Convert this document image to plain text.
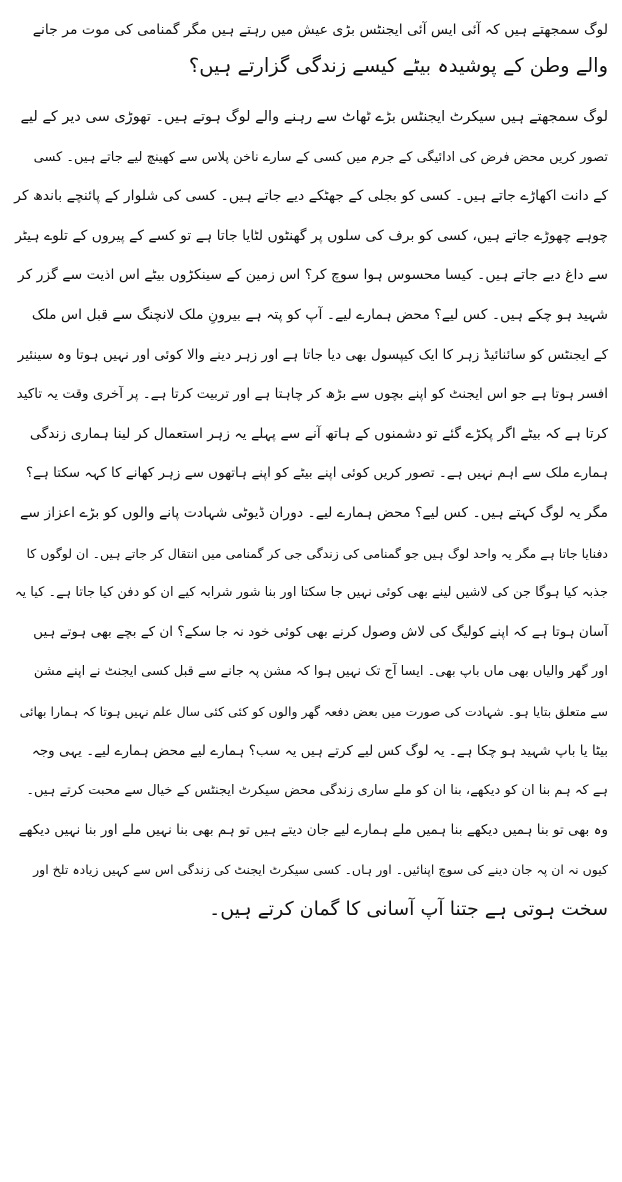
لوگ سمجھتے ہیں کہ آئی ایس آئی ایجنٹس بڑی عیش میں رہتے ہیں مگر گمنامی کی موت مر جانے
والے وطن کے پوشیدہ بیٹے کیسے زندگی گزارتے ہیں؟
لوگ سمجھتے ہیں سیکرٹ ایجنٹس بڑے ٹھاٹ سے رہنے والے لوگ ہوتے ہیں۔ تھوڑی سی دیر کے لیے
تصور کریں محض فرض کی ادائیگی کے جرم میں کسی کے سارے ناخن پلاس سے کھینچ لیے جاتے ہیں۔ کسی
کے دانت اکھاڑے جاتے ہیں۔ کسی کو بجلی کے جھٹکے دیے جاتے ہیں۔ کسی کی شلوار کے پائنچے باندھ کر
چوہے چھوڑے جاتے ہیں، کسی کو برف کی سلوں پر گھنٹوں لٹایا جاتا ہے تو کسے کے پیروں کے تلوے ہیٹر
سے داغ دیے جاتے ہیں۔ کیسا محسوس ہوا سوچ کر؟ اس زمین کے سینکڑوں بیٹے اس اذیت سے گزر کر
شہید ہو چکے ہیں۔ کس لیے؟ محض ہمارے لیے۔ آپ کو پتہ ہے بیرونِ ملک لانچنگ سے قبل اس ملک
کے ایجنٹس کو سائنائیڈ زہر کا ایک کیپسول بھی دیا جاتا ہے اور زہر دینے والا کوئی اور نہیں ہوتا وہ سینئیر
افسر ہوتا ہے جو اس ایجنٹ کو اپنے بچوں سے بڑھ کر چاہتا ہے اور تربیت کرتا ہے۔ پر آخری وقت یہ تاکید
کرتا ہے کہ بیٹے اگر پکڑے گئے تو دشمنوں کے ہاتھ آنے سے پہلے یہ زہر استعمال کر لینا ہماری زندگی
ہمارے ملک سے اہم نہیں ہے۔ تصور کریں کوئی اپنے بیٹے کو اپنے ہاتھوں سے زہر کھانے کا کہہ سکتا ہے؟
مگر یہ لوگ کہتے ہیں۔ کس لیے؟ محض ہمارے لیے۔ دوران ڈیوٹی شہادت پانے والوں کو بڑے اعزاز سے
دفنایا جاتا ہے مگر یہ واحد لوگ ہیں جو گمنامی کی زندگی جی کر گمنامی میں انتقال کر جاتے ہیں۔ ان لوگوں کا
جذبہ کیا ہوگا جن کی لاشیں لینے بھی کوئی نہیں جا سکتا اور بنا شور شرابہ کیے ان کو دفن کیا جاتا ہے۔ کیا یہ
آسان ہوتا ہے کہ اپنے کولیگ کی لاش وصول کرنے بھی کوئی خود نہ جا سکے؟ ان کے بچے بھی ہوتے ہیں
اور گھر والیاں بھی ماں باپ بھی۔ ایسا آج تک نہیں ہوا کہ مشن پہ جانے سے قبل کسی ایجنٹ نے اپنے مشن
سے متعلق بتایا ہو۔ شہادت کی صورت میں بعض دفعہ گھر والوں کو کئی کئی سال علم نہیں ہوتا کہ ہمارا بھائی
بیٹا یا باپ شہید ہو چکا ہے۔ یہ لوگ کس لیے کرتے ہیں یہ سب؟ ہمارے لیے محض ہمارے لیے۔ یہی وجہ
ہے کہ ہم بنا ان کو دیکھے، بنا ان کو ملے ساری زندگی محض سیکرٹ ایجنٹس کے خیال سے محبت کرتے ہیں۔
وہ بھی تو بنا ہمیں دیکھے بنا ہمیں ملے ہمارے لیے جان دیتے ہیں تو ہم بھی بنا نہیں ملے اور بنا نہیں دیکھے
کیوں نہ ان پہ جان دینے کی سوچ اپنائیں۔ اور ہاں۔ کسی سیکرٹ ایجنٹ کی زندگی اس سے کہیں زیادہ تلخ اور
سخت ہوتی ہے جتنا آپ آسانی کا گمان کرتے ہیں۔
